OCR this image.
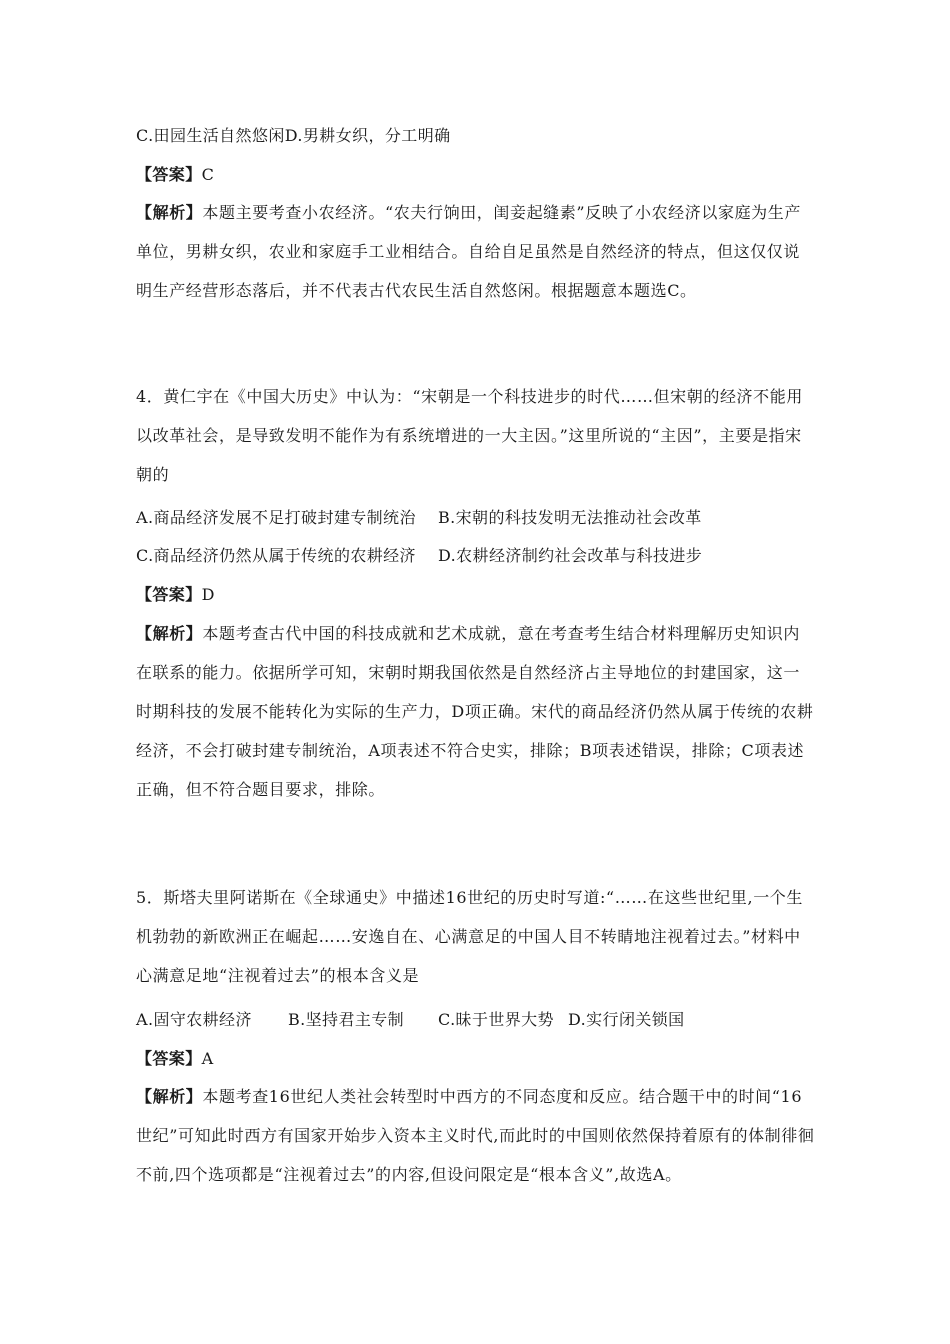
C.田园生活自然悠闲D.男耕女织，分工明确
【答案】C

【解析】本题主要考查小农经济。“农夫行饷田，闺妾起缝素”反映了小农经济以家庭为生产单位，男耕女织，农业和家庭手工业相结合。自给自足虽然是自然经济的特点，但这仅仅说明生产经营形态落后，并不代表古代农民生活自然悠闲。根据题意本题选C。

4．黄仁宇在《中国大历史》中认为：“宋朝是一个科技进步的时代……但宋朝的经济不能用以改革社会，是导致发明不能作为有系统增进的一大主因。”这里所说的“主因”，主要是指宋朝的

A.商品经济发展不足打破封建专制统治 B.宋朝的科技发明无法推动社会改革
C.商品经济仍然从属于传统的农耕经济 D.农耕经济制约社会改革与科技进步
【答案】D

【解析】本题考查古代中国的科技成就和艺术成就，意在考查考生结合材料理解历史知识内在联系的能力。依据所学可知，宋朝时期我国依然是自然经济占主导地位的封建国家，这一时期科技的发展不能转化为实际的生产力，D项正确。宋代的商品经济仍然从属于传统的农耕经济，不会打破封建专制统治，A项表述不符合史实，排除；B项表述错误，排除；C项表述正确，但不符合题目要求，排除。

5．斯塔夫里阿诺斯在《全球通史》中描述16世纪的历史时写道:“……在这些世纪里,一个生机勃勃的新欧洲正在崛起……安逸自在、心满意足的中国人目不转睛地注视着过去。”材料中心满意足地“注视着过去”的根本含义是

A.固守农耕经济 B.坚持君主专制 C.昧于世界大势 D.实行闭关锁国
【答案】A

【解析】本题考查16世纪人类社会转型时中西方的不同态度和反应。结合题干中的时间“16世纪”可知此时西方有国家开始步入资本主义时代,而此时的中国则依然保持着原有的体制徘徊不前,四个选项都是“注视着过去”的内容,但设问限定是“根本含义”,故选A。
